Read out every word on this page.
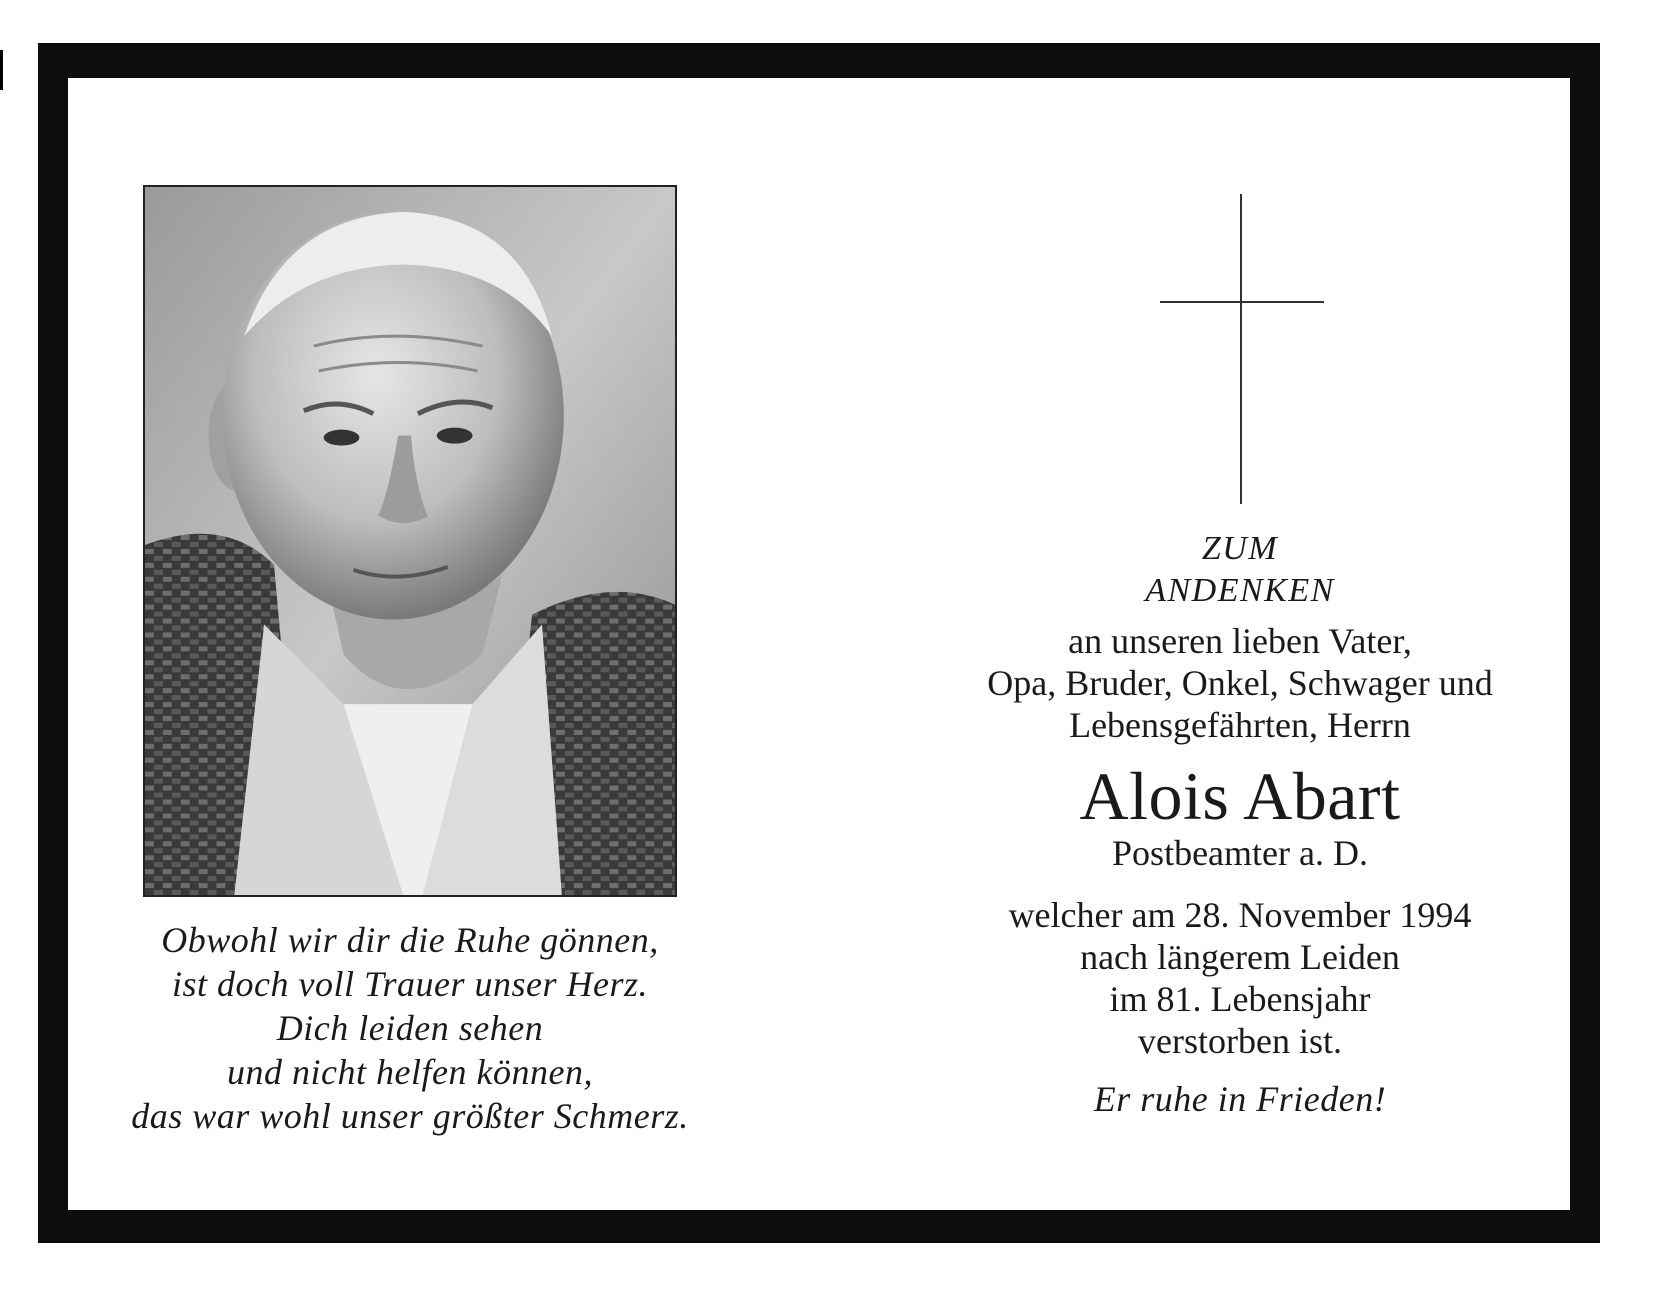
Obwohl wir dir die Ruhe gönnen,
ist doch voll Trauer unser Herz.
Dich leiden sehen
und nicht helfen können,
das war wohl unser größter Schmerz.
ZUM
ANDENKEN
an unseren lieben Vater,
Opa, Bruder, Onkel, Schwager und
Lebensgefährten, Herrn
Alois Abart
Postbeamter a. D.
welcher am 28. November 1994
nach längerem Leiden
im 81. Lebensjahr
verstorben ist.
Er ruhe in Frieden!
